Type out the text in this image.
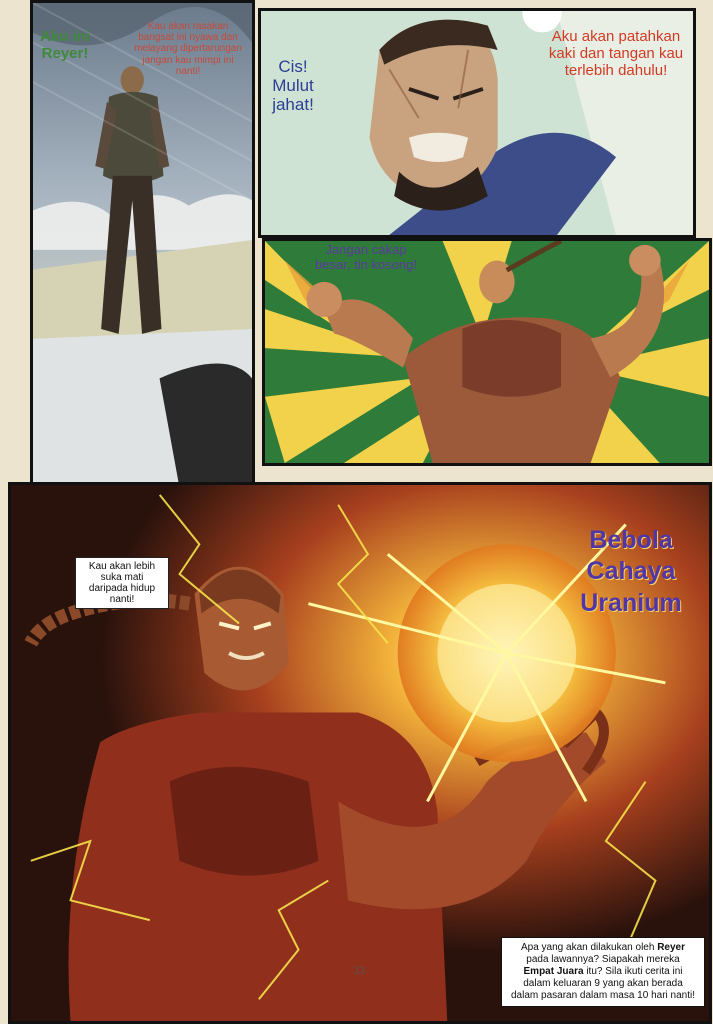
Aku ini Reyer!
Kau akan rasakan bangsat ini nyawa dan melayang dipertarungan jangan kau mimpi ini nanti!	Cis! Mulut jahat!
Aku akan patahkan kaki dan tangan kau terlebih dahulu!
Jangan cakap besar, tin kosong!
Kau akan lebih suka mati daripada hidup nanti!
Bebola Cahaya Uranium
Apa yang akan dilakukan oleh Reyer
pada lawannya? Siapakah mereka
Empat Juara itu? Sila ikuti cerita ini
dalam keluaran 9 yang akan berada
dalam pasaran dalam masa 10 hari nanti!
33
